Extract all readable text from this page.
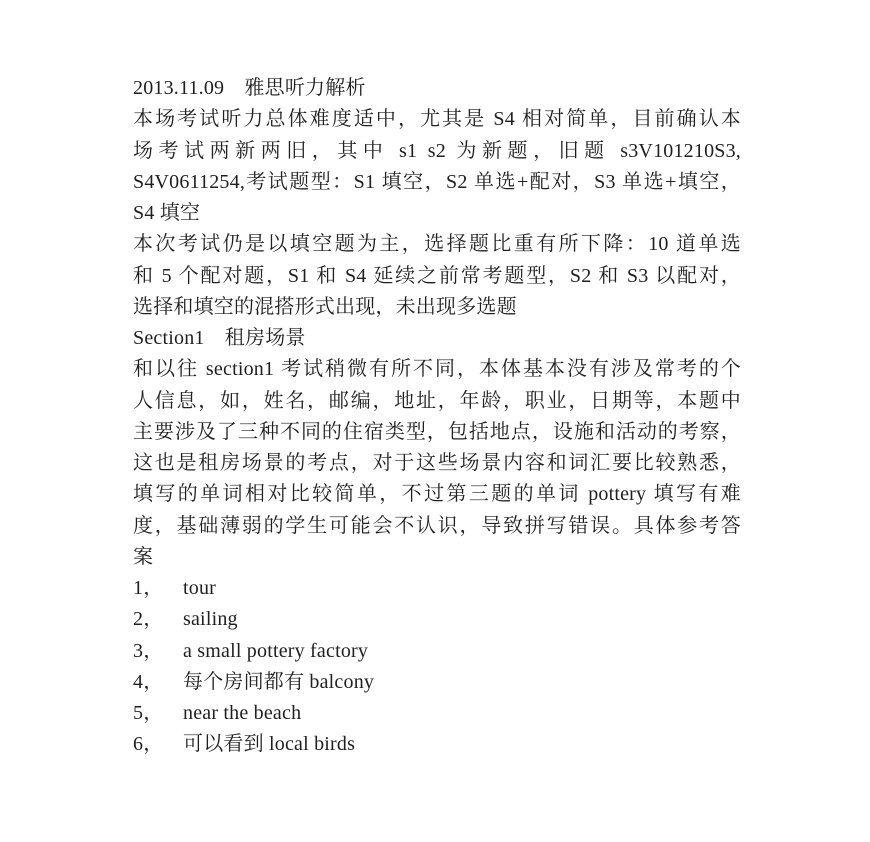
2013.11.09　雅思听力解析
本场考试听力总体难度适中，尤其是 S4 相对简单，目前确认本
场考试两新两旧，其中 s1 s2 为新题，旧题 s3V101210S3,
S4V0611254,考试题型：S1 填空，S2 单选+配对，S3 单选+填空，
S4 填空
本次考试仍是以填空题为主，选择题比重有所下降：10 道单选
和 5 个配对题，S1 和 S4 延续之前常考题型，S2 和 S3 以配对，
选择和填空的混搭形式出现，未出现多选题
Section1　租房场景
和以往 section1 考试稍微有所不同，本体基本没有涉及常考的个
人信息，如，姓名，邮编，地址，年龄，职业，日期等，本题中
主要涉及了三种不同的住宿类型，包括地点，设施和活动的考察，
这也是租房场景的考点，对于这些场景内容和词汇要比较熟悉，
填写的单词相对比较简单，不过第三题的单词 pottery 填写有难
度，基础薄弱的学生可能会不认识，导致拼写错误。具体参考答
案
1， tour
2， sailing
3， a small pottery factory
4， 每个房间都有 balcony
5， near the beach
6， 可以看到 local birds
